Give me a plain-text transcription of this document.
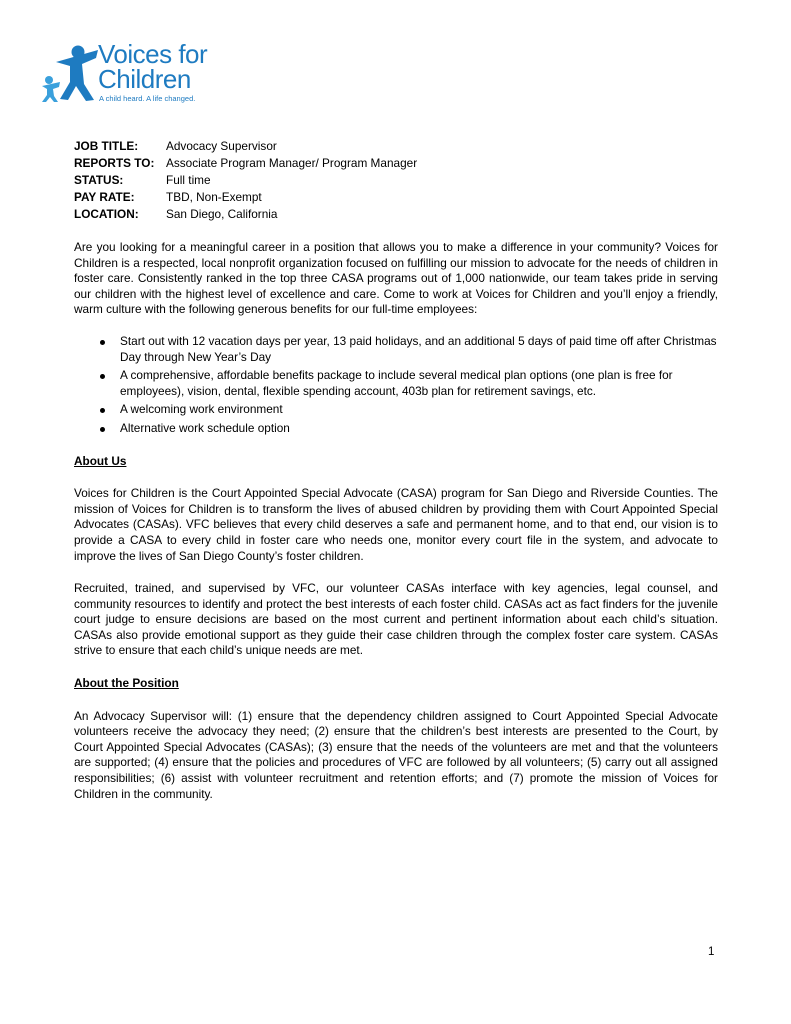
Voices for
Children
A child heard. A life changed.
JOB TITLE:	Advocacy Supervisor
REPORTS TO: Associate Program Manager/ Program Manager
STATUS:	Full time
PAY RATE:	TBD, Non-Exempt
LOCATION:	San Diego, California

Are you looking for a meaningful career in a position that allows you to make a difference in your community? Voices for Children is a respected, local nonprofit organization focused on fulfilling our mission to advocate for the needs of children in foster care. Consistently ranked in the top three CASA programs out of 1,000 nationwide, our team takes pride in serving our children with the highest level of excellence and care. Come to work at Voices for Children and you’ll enjoy a friendly, warm culture with the following generous benefits for our full-time employees:

Start out with 12 vacation days per year, 13 paid holidays, and an additional 5 days of paid time off after Christmas Day through New Year’s Day
A comprehensive, affordable benefits package to include several medical plan options (one plan is free for employees), vision, dental, flexible spending account, 403b plan for retirement savings, etc.
A welcoming work environment
Alternative work schedule option
About Us

Voices for Children is the Court Appointed Special Advocate (CASA) program for San Diego and Riverside Counties. The mission of Voices for Children is to transform the lives of abused children by providing them with Court Appointed Special Advocates (CASAs). VFC believes that every child deserves a safe and permanent home, and to that end, our vision is to provide a CASA to every child in foster care who needs one, monitor every court file in the system, and advocate to improve the lives of San Diego County’s foster children.

Recruited, trained, and supervised by VFC, our volunteer CASAs interface with key agencies, legal counsel, and community resources to identify and protect the best interests of each foster child. CASAs act as fact finders for the juvenile court judge to ensure decisions are based on the most current and pertinent information about each child’s situation. CASAs also provide emotional support as they guide their case children through the complex foster care system. CASAs strive to ensure that each child’s unique needs are met.

About the Position

An Advocacy Supervisor will: (1) ensure that the dependency children assigned to Court Appointed Special Advocate volunteers receive the advocacy they need; (2) ensure that the children’s best interests are presented to the Court, by Court Appointed Special Advocates (CASAs); (3) ensure that the needs of the volunteers are met and that the volunteers are supported; (4) ensure that the policies and procedures of VFC are followed by all volunteers; (5) carry out all assigned responsibilities; (6) assist with volunteer recruitment and retention efforts; and (7) promote the mission of Voices for Children in the community.

1
